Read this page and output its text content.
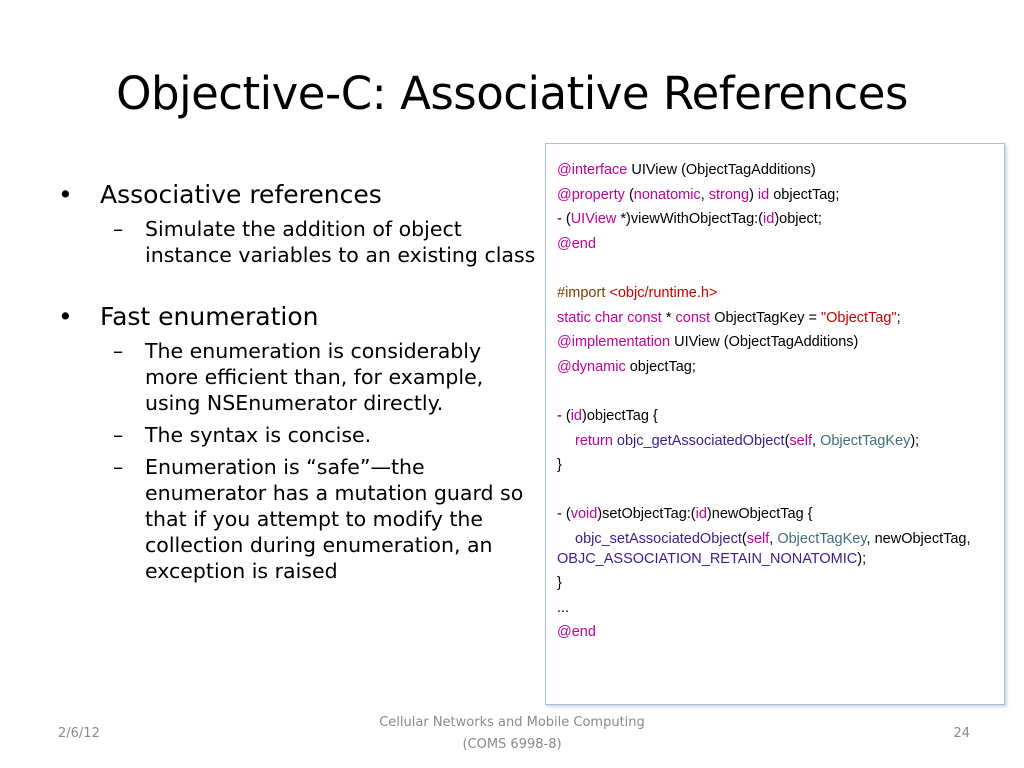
Objective-C: Associative References
• Associative references
– Simulate the addition of object instance variables to an existing class
• Fast enumeration
– The enumeration is considerably more efficient than, for example, using NSEnumerator directly.
– The syntax is concise.
– Enumeration is “safe”—the enumerator has a mutation guard so that if you attempt to modify the collection during enumeration, an exception is raised
@interface UIView (ObjectTagAdditions)
@property (nonatomic, strong) id objectTag;
- (UIView *)viewWithObjectTag:(id)object;
@end
#import <objc/runtime.h>
static char const * const ObjectTagKey = "ObjectTag";
@implementation UIView (ObjectTagAdditions)
@dynamic objectTag;
- (id)objectTag {
return objc_getAssociatedObject(self, ObjectTagKey);
}
- (void)setObjectTag:(id)newObjectTag {
objc_setAssociatedObject(self, ObjectTagKey, newObjectTag, OBJC_ASSOCIATION_RETAIN_NONATOMIC);
}
...
@end
2/6/12
Cellular Networks and Mobile Computing
(COMS 6998-8)
24
